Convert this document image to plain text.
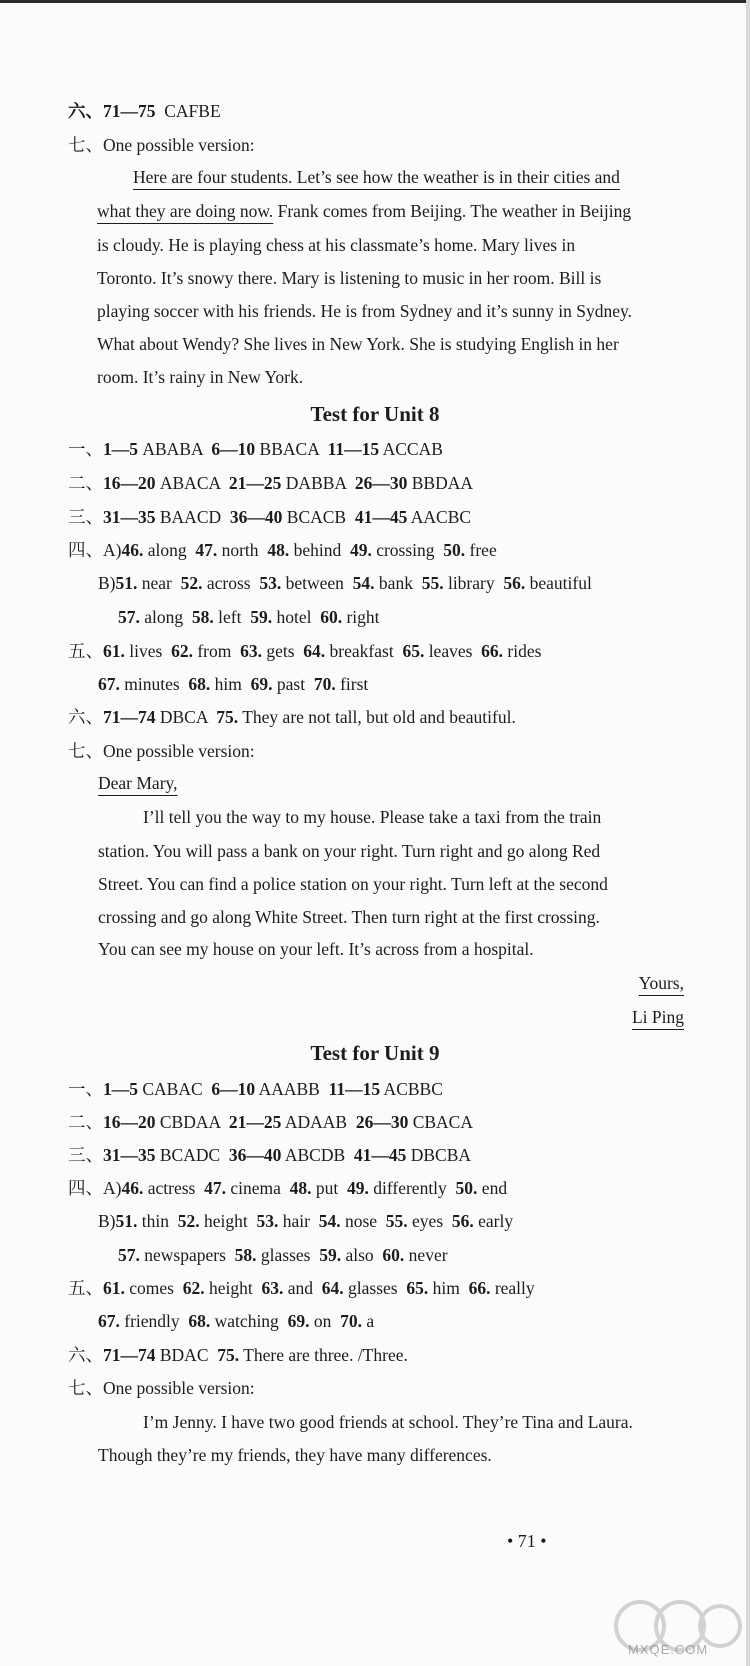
六、71—75 CAFBE
七、One possible version:
Here are four students. Let’s see how the weather is in their cities and
what they are doing now. Frank comes from Beijing. The weather in Beijing
is cloudy. He is playing chess at his classmate’s home. Mary lives in
Toronto. It’s snowy there. Mary is listening to music in her room. Bill is
playing soccer with his friends. He is from Sydney and it’s sunny in Sydney.
What about Wendy? She lives in New York. She is studying English in her
room. It’s rainy in New York.
Test for Unit 8
一、1—5 ABABA  6—10 BBACA  11—15 ACCAB
二、16—20 ABACA  21—25 DABBA  26—30 BBDAA
三、31—35 BAACD  36—40 BCACB  41—45 AACBC
四、A)46. along 47. north 48. behind 49. crossing 50. free
B)51. near 52. across 53. between 54. bank 55. library 56. beautiful
57. along 58. left 59. hotel 60. right
五、61. lives 62. from 63. gets 64. breakfast 65. leaves 66. rides
67. minutes 68. him 69. past 70. first
六、71—74 DBCA  75. They are not tall, but old and beautiful.
七、One possible version:
Dear Mary,
I’ll tell you the way to my house. Please take a taxi from the train
station. You will pass a bank on your right. Turn right and go along Red
Street. You can find a police station on your right. Turn left at the second
crossing and go along White Street. Then turn right at the first crossing.
You can see my house on your left. It’s across from a hospital.
Yours,
Li Ping
Test for Unit 9
一、1—5 CABAC  6—10 AAABB  11—15 ACBBC
二、16—20 CBDAA  21—25 ADAAB  26—30 CBACA
三、31—35 BCADC  36—40 ABCDB  41—45 DBCBA
四、A)46. actress 47. cinema 48. put 49. differently 50. end
B)51. thin 52. height 53. hair 54. nose 55. eyes 56. early
57. newspapers 58. glasses 59. also 60. never
五、61. comes 62. height 63. and 64. glasses 65. him 66. really
67. friendly 68. watching 69. on 70. a
六、71—74 BDAC  75. There are three. /Three.
七、One possible version:
I’m Jenny. I have two good friends at school. They’re Tina and Laura.
Though they’re my friends, they have many differences.
• 71 •
MXQE.COM
